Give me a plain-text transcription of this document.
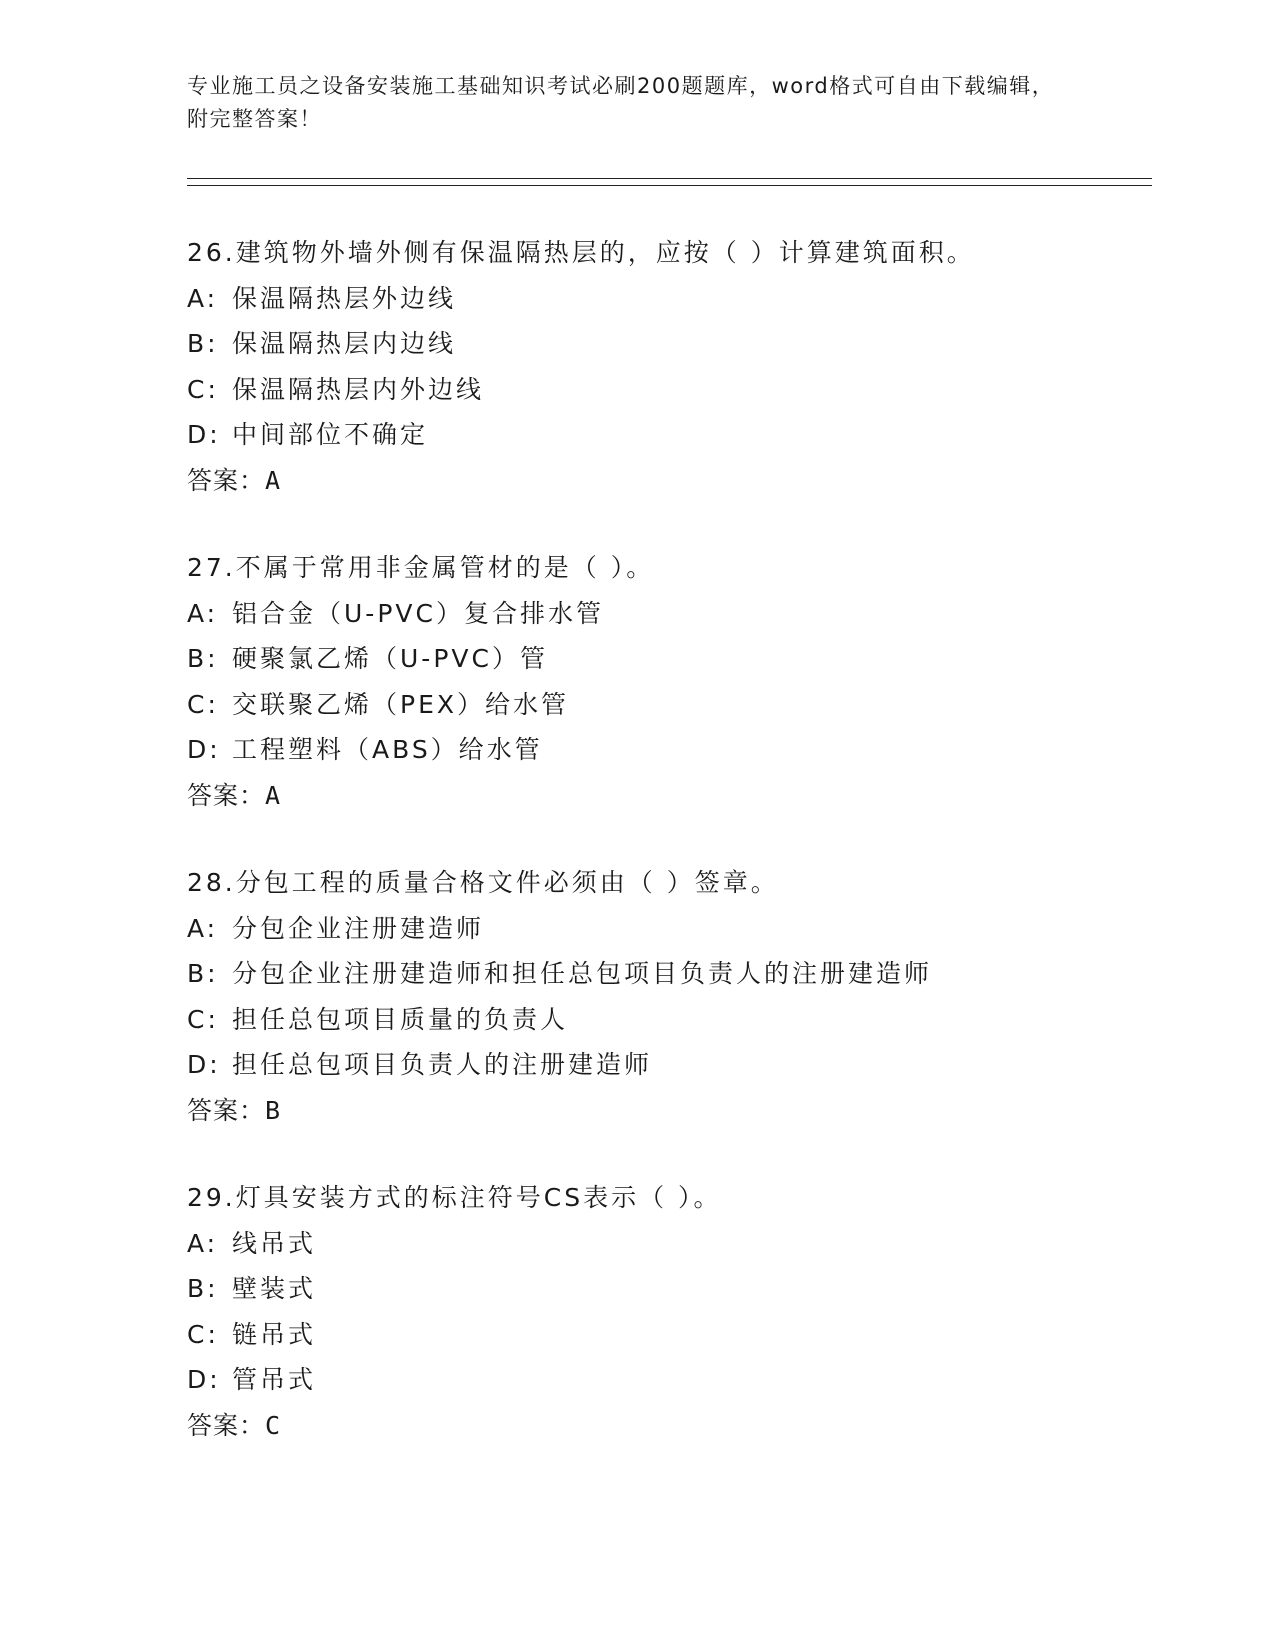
专业施工员之设备安装施工基础知识考试必刷200题题库，word格式可自由下载编辑，附完整答案！

26.建筑物外墙外侧有保温隔热层的，应按（ ）计算建筑面积。
A: 保温隔热层外边线
B: 保温隔热层内边线
C: 保温隔热层内外边线
D: 中间部位不确定
答案：A
27.不属于常用非金属管材的是（ ）。
A: 铝合金（U-PVC）复合排水管
B: 硬聚氯乙烯（U-PVC）管
C: 交联聚乙烯（PEX）给水管
D: 工程塑料（ABS）给水管
答案：A
28.分包工程的质量合格文件必须由（ ）签章。
A: 分包企业注册建造师
B: 分包企业注册建造师和担任总包项目负责人的注册建造师
C: 担任总包项目质量的负责人
D: 担任总包项目负责人的注册建造师
答案：B
29.灯具安装方式的标注符号CS表示（ ）。
A: 线吊式
B: 壁装式
C: 链吊式
D: 管吊式
答案：C
